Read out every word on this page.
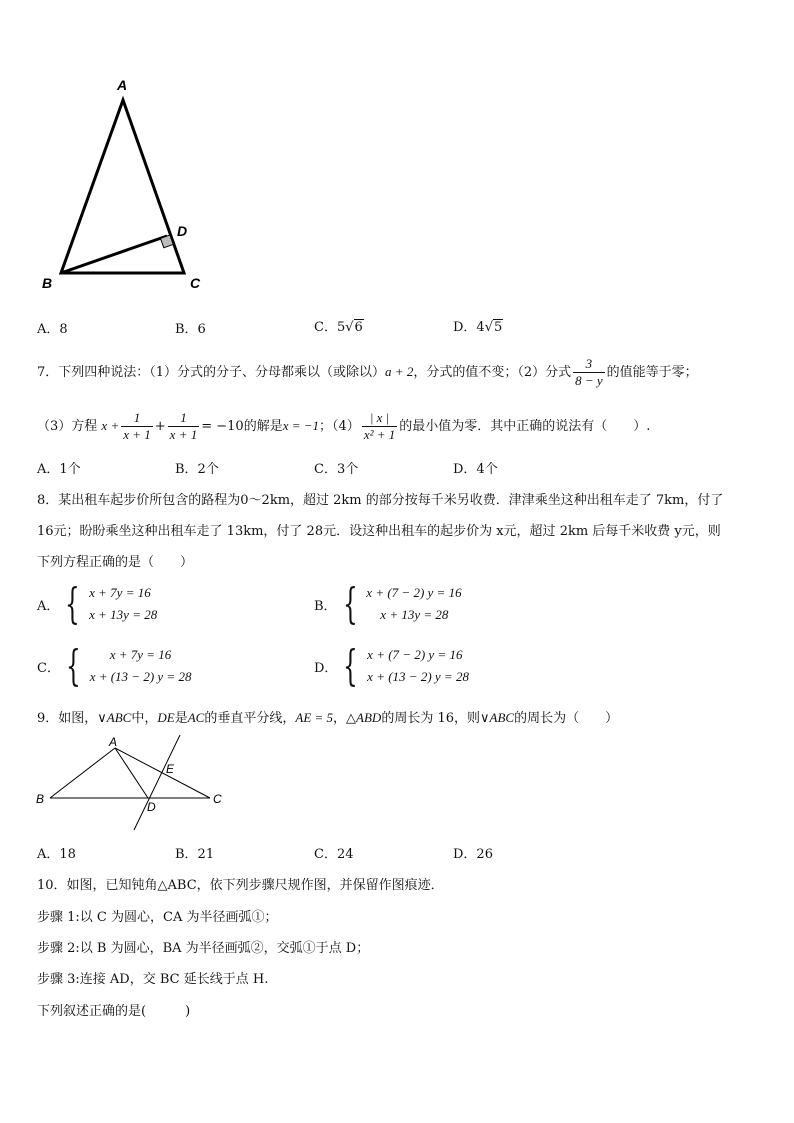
A
B	C
D
A．8	B．6	C．5√6	D．4√5
7．下列四种说法：（1）分式的分子、分母都乘以（或除以）a + 2，分式的值不变；（2）分式 $\frac{3}{8 - y}$ 的值能等于零；
（3）方程 $x + \frac{1}{x + 1} + \frac{1}{x + 1} = -10$的解是x = −1；$(4) \frac{| x |}{\text{x² + 1}}$ 的最小值为零．其中正确的说法有（　　）.
A．1个	B．2个	C．3个	D．4个
8．某出租车起步价所包含的路程为0～2km，超过 2km 的部分按每千米另收费．津津乘坐这种出租车走了 7km，付了
16元；盼盼乘坐这种出租车走了 13km，付了 28元．设这种出租车的起步价为 x元，超过 2km 后每千米收费 y元，则
下列方程正确的是（　　）
A． { x + 7y = 16
x + 13y = 28
B． { x + (7 − 2) y = 16
x + 13y = 28
C． {	x + 7y = 16
x + (13 − 2) y = 28
D． { x + (7 − 2) y = 16
x + (13 − 2) y = 28
9．如图，∨ABC中，DE是AC的垂直平分线，AE = 5，△ABD的周长为 16，则∨ABC的周长为（　　）
A
B	C
D
E
A．18	B．21	C．24	D．26
10．如图，已知钝角△ABC，依下列步骤尺规作图，并保留作图痕迹．
步骤 1:以 C 为圆心，CA 为半径画弧①；
步骤 2:以 B 为圆心，BA 为半径画弧②，交弧①于点 D；
步骤 3:连接 AD，交 BC 延长线于点 H.
下列叙述正确的是(　　　)
